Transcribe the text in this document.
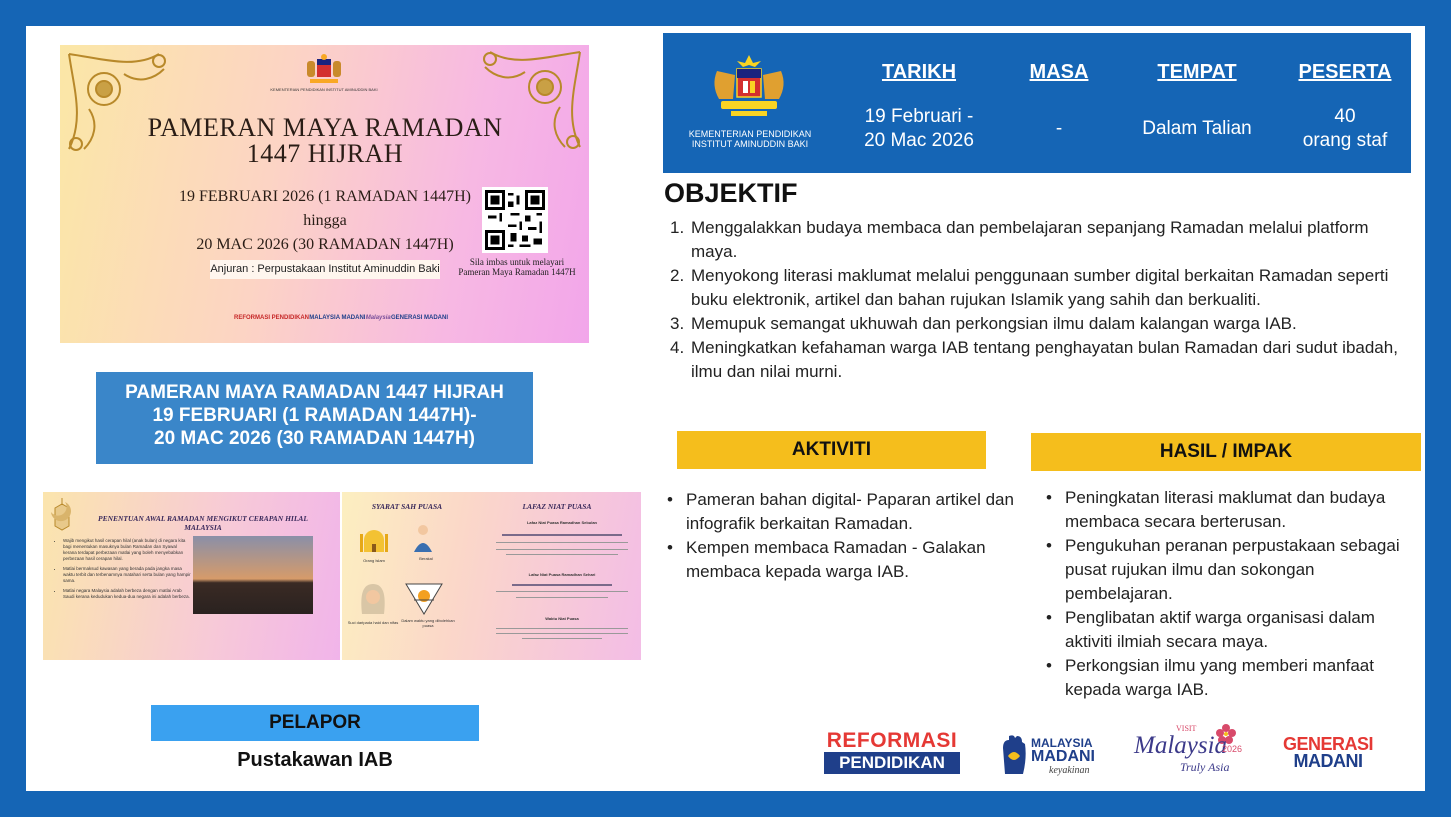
KEMENTERIAN PENDIDIKAN INSTITUT AMINUDDIN BAKI
PAMERAN MAYA RAMADAN
1447 HIJRAH
19 FEBRUARI 2026 (1 RAMADAN 1447H)
hingga
20 MAC 2026 (30 RAMADAN 1447H)
Anjuran : Perpustakaan Institut Aminuddin Baki
Sila imbas untuk melayari
Pameran Maya Ramadan 1447H
REFORMASI PENDIDIKAN MALAYSIA MADANI Malaysia GENERASI MADANI
PAMERAN MAYA RAMADAN 1447 HIJRAH
19 FEBRUARI (1 RAMADAN 1447H)-
20 MAC 2026 (30 RAMADAN 1447H)
PENENTUAN AWAL RAMADAN MENGIKUT CERAPAN HILAL MALAYSIA
• Wajib mengikut hasil cerapan hilal (anak bulan) di negara kita bagi menentukan masuknya bulan Ramadan dan Syawal kerana terdapat perbezaan matlai yang boleh menyebabkan perbezaan hasil cerapan hilal.
• Matlai bermaksud kawasan yang berada pada jangka masa waktu terbit dan terbenamnya matahari serta bulan yang hampir sama.
• Matlai negara Malaysia adalah berbeza dengan matlai Arab Saudi kerana kedudukan kedua-dua negara ini adalah berbeza.
SYARAT SAH PUASA
Orang Islam	Berakal
Suci daripada haid dan nifas Dalam waktu yang dibolehkan puasa
LAFAZ NIAT PUASA
Lafaz Niat Puasa Ramadhan Sebulan
Lafaz Niat Puasa Ramadhan Sehari
Waktu Niat Puasa
KEMENTERIAN PENDIDIKAN
INSTITUT AMINUDDIN BAKI
TARIKH
19 Februari -
20 Mac 2026
MASA
-
TEMPAT
Dalam Talian
PESERTA
40
orang staf
OBJEKTIF
1. Menggalakkan budaya membaca dan pembelajaran sepanjang Ramadan melalui platform maya.
2. Menyokong literasi maklumat melalui penggunaan sumber digital berkaitan Ramadan seperti buku elektronik, artikel dan bahan rujukan Islamik yang sahih dan berkualiti.
3. Memupuk semangat ukhuwah dan perkongsian ilmu dalam kalangan warga IAB.
4. Meningkatkan kefahaman warga IAB tentang penghayatan bulan Ramadan dari sudut ibadah, ilmu dan nilai murni.
AKTIVITI
• Pameran bahan digital- Paparan artikel dan infografik berkaitan Ramadan.
• Kempen membaca Ramadan - Galakan membaca kepada warga IAB.
HASIL / IMPAK
• Peningkatan literasi maklumat dan budaya membaca secara berterusan.
• Pengukuhan peranan perpustakaan sebagai pusat rujukan ilmu dan sokongan pembelajaran.
• Penglibatan aktif warga organisasi dalam aktiviti ilmiah secara maya.
• Perkongsian ilmu yang memberi manfaat kepada warga IAB.
PELAPOR
Pustakawan IAB
REFORMASI
PENDIDIKAN
MALAYSIA
MADANI
keyakinan
VISIT
Malaysia
2026
Truly Asia
GENERASI
MADANI
